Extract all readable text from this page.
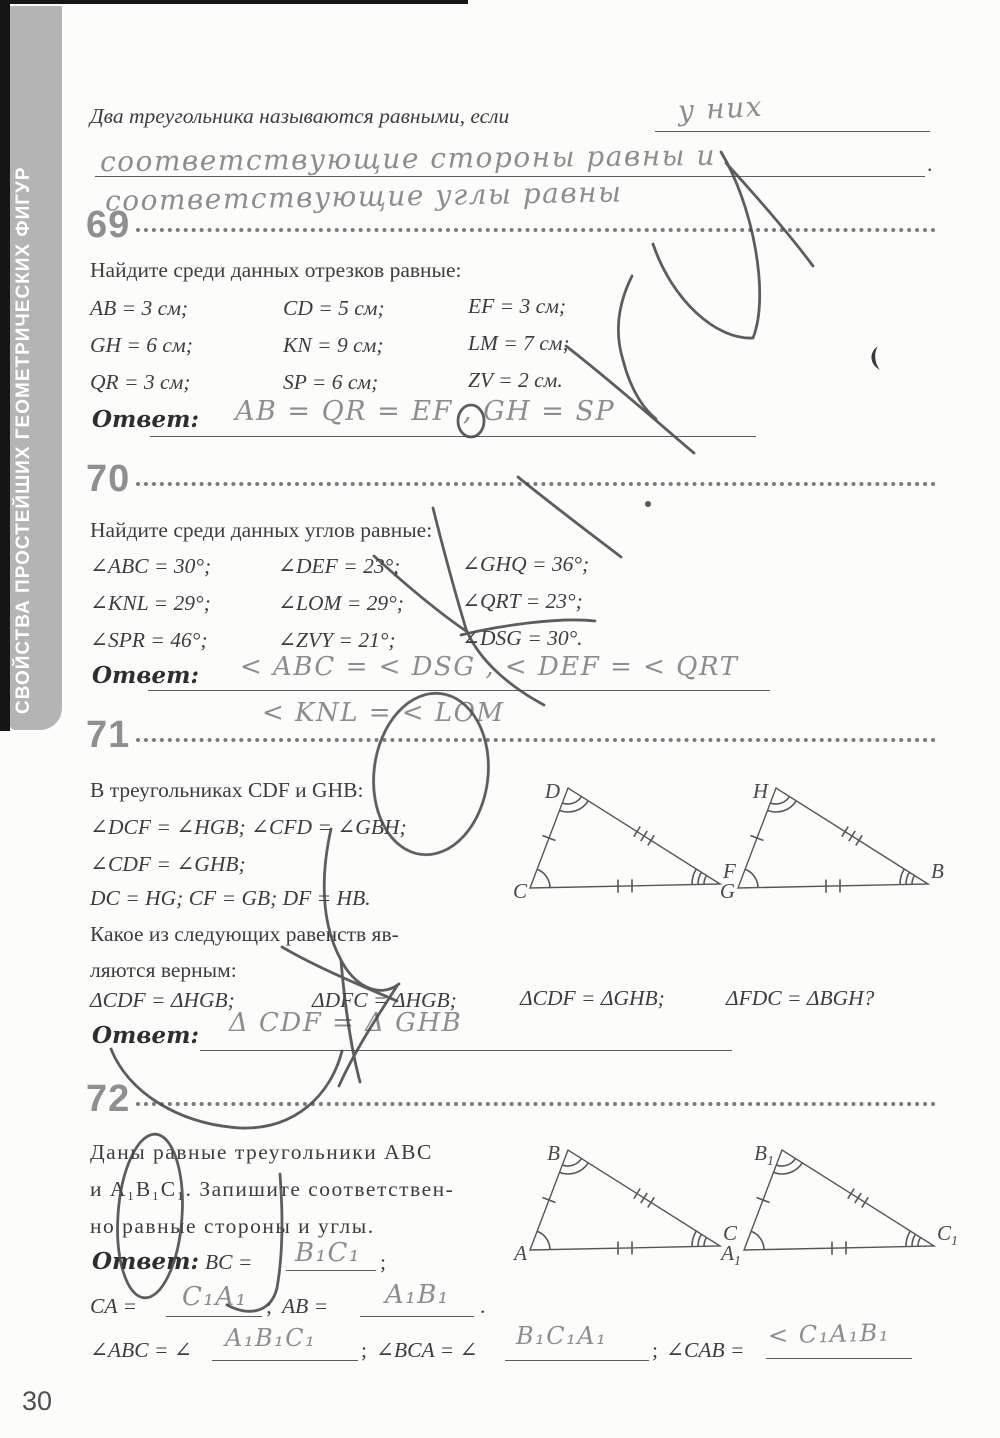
СВОЙСТВА ПРОСТЕЙШИХ ГЕОМЕТРИЧЕСКИХ ФИГУР
Два треугольника называются равными, если	у них
соответствующие стороны равны и	.
соответствующие углы равны
69
Найдите среди данных отрезков равные:
AB = 3 см;	CD = 5 см;	EF = 3 см;
GH = 6 см;	KN = 9 см;	LM = 7 см;
QR = 3 см;	SP = 6 см;	ZV = 2 см.
Ответ: AB = QR = EF , GH = SP
70
Найдите среди данных углов равные:
∠ABC = 30°;	∠DEF = 23°;	∠GHQ = 36°;
∠KNL = 29°;	∠LOM = 29°;	∠QRT = 23°;
∠SPR = 46°;	∠ZVY = 21°;	∠DSG = 30°.
Ответ: < ABC = < DSG , < DEF = < QRT
< KNL = < LOM
71
В треугольниках CDF и GHB:
∠DCF = ∠HGB; ∠CFD = ∠GBH;
∠CDF = ∠GHB;
DC = HG; CF = GB; DF = HB.
Какое из следующих равенств яв-
ляются верным:
ΔCDF = ΔHGB;	ΔDFC = ΔHGB;	ΔCDF = ΔGHB;	ΔFDC = ΔBGH?
Ответ: Δ CDF = Δ GHB
72
Даны равные треугольники ABC
и A₁B₁C₁. Запишите соответствен-
но равные стороны и углы.
Ответ: BC = B₁C₁ ;
CA = C₁A₁ ; AB = A₁B₁ .
∠ABC = ∠ A₁B₁C₁ ; ∠BCA = ∠ B₁C₁A₁ ; ∠CAB =
< C₁A₁B₁
D
C
F
H
G
B
B
A
C
$B_1$
$A_1$
$C_1$
30
